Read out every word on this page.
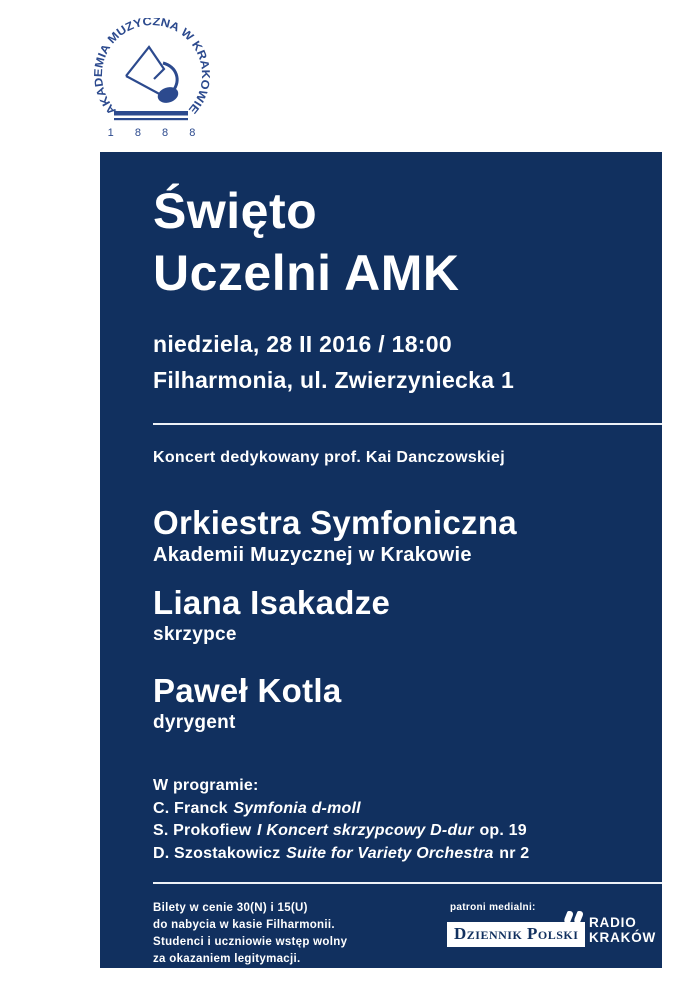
AKADEMIA MUZYCZNA W KRAKOWIE
1 8 8 8
Święto
Uczelni AMK
niedziela, 28 II 2016 / 18:00
Filharmonia, ul. Zwierzyniecka 1
Koncert dedykowany prof. Kai Danczowskiej
Orkiestra Symfoniczna
Akademii Muzycznej w Krakowie
Liana Isakadze
skrzypce
Paweł Kotla
dyrygent
W programie:
C. Franck Symfonia d-moll
S. Prokofiew I Koncert skrzypcowy D-dur op. 19
D. Szostakowicz Suite for Variety Orchestra nr 2
Bilety w cenie 30(N) i 15(U)
do nabycia w kasie Filharmonii.
Studenci i uczniowie wstęp wolny
za okazaniem legitymacji.
patroni medialni:
Dziennik Polski
RADIO
KRAKÓW
